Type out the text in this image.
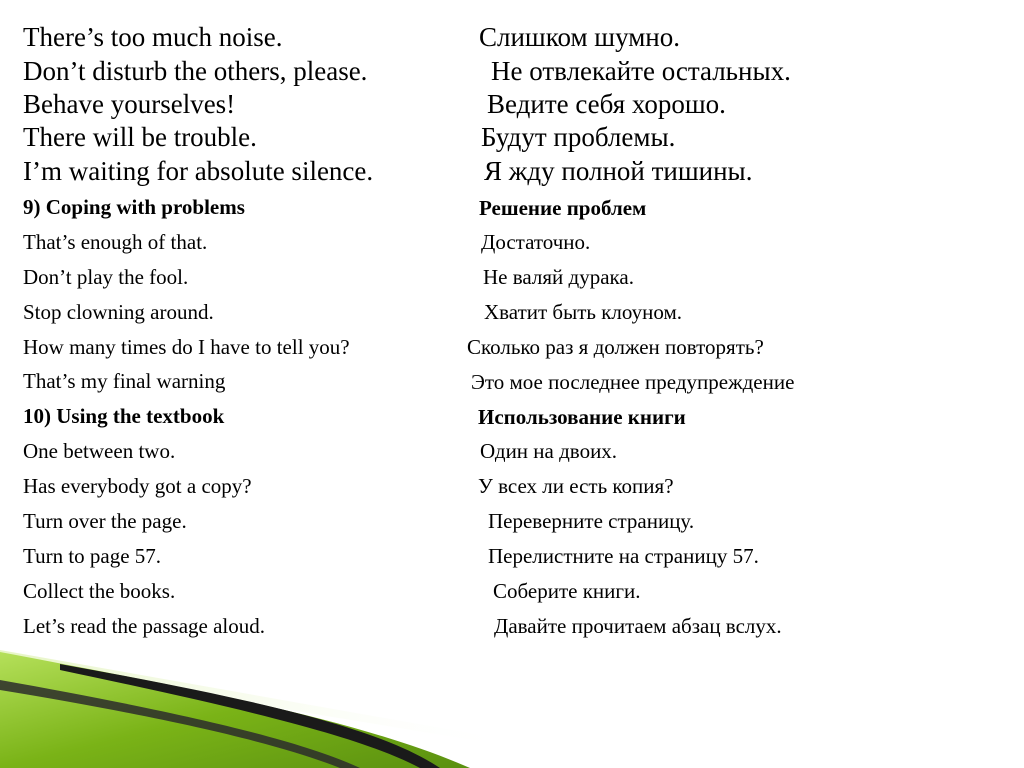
There’s too much noise.	Слишком шумно.
Don’t disturb the others, please.	Не отвлекайте остальных.
Behave yourselves!	Ведите себя хорошо.
There will be trouble.	Будут проблемы.
I’m waiting for absolute silence.	Я жду полной тишины.
9) Coping with problems	Решение проблем
That’s enough of that.	Достаточно.
Don’t play the fool.	Не валяй дурака.
Stop clowning around.	Хватит быть клоуном.
How many times do I have to tell you?	Сколько раз я должен повторять?
That’s my final warning	Это мое последнее предупреждение
10) Using the textbook	Использование книги
One between two.	Один на двоих.
Has everybody got a copy?	У всех ли есть копия?
Turn over the page.	Переверните страницу.
Turn to page 57.	Перелистните на страницу 57.
Collect the books.	Соберите книги.
Let’s read the passage aloud.	Давайте прочитаем абзац вслух.
